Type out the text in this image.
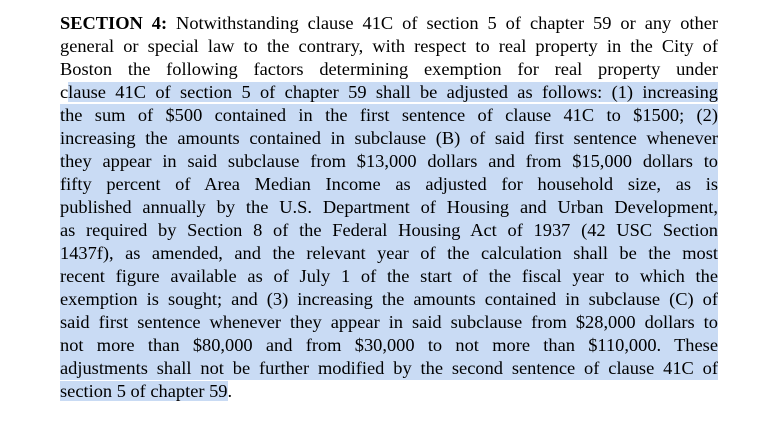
SECTION 4: Notwithstanding clause 41C of section 5 of chapter 59 or any other
general or special law to the contrary, with respect to real property in the City of
Boston the following factors determining exemption for real property under
clause 41C of section 5 of chapter 59 shall be adjusted as follows: (1) increasing
the sum of $500 contained in the first sentence of clause 41C to $1500; (2)
increasing the amounts contained in subclause (B) of said first sentence whenever
they appear in said subclause from $13,000 dollars and from $15,000 dollars to
fifty percent of Area Median Income as adjusted for household size, as is
published annually by the U.S. Department of Housing and Urban Development,
as required by Section 8 of the Federal Housing Act of 1937 (42 USC Section
1437f), as amended, and the relevant year of the calculation shall be the most
recent figure available as of July 1 of the start of the fiscal year to which the
exemption is sought; and (3) increasing the amounts contained in subclause (C) of
said first sentence whenever they appear in said subclause from $28,000 dollars to
not more than $80,000 and from $30,000 to not more than $110,000. These
adjustments shall not be further modified by the second sentence of clause 41C of
section 5 of chapter 59.
